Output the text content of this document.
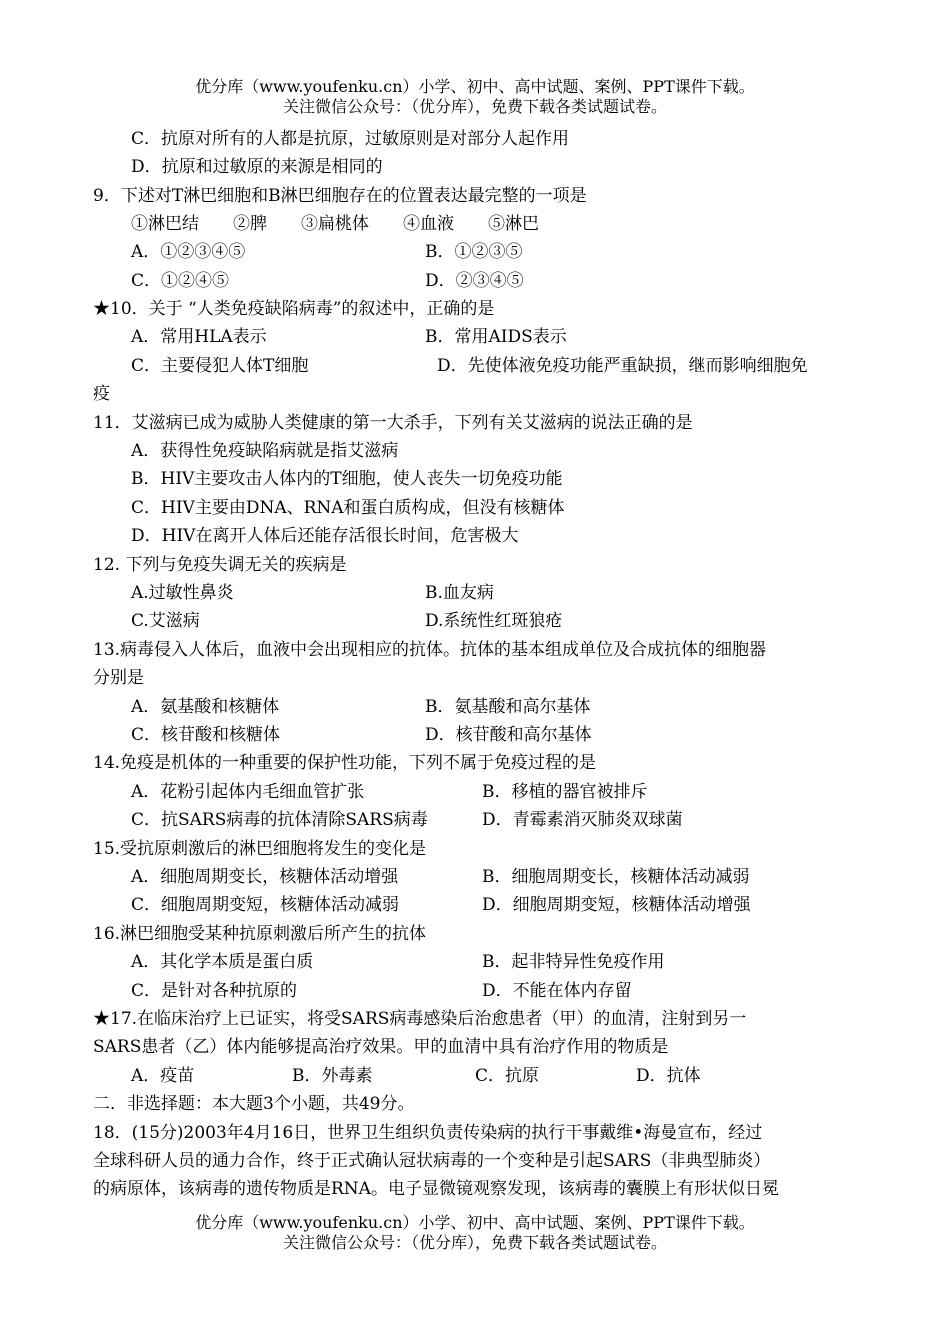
优分库（www.youfenku.cn）小学、初中、高中试题、案例、PPT课件下载。
关注微信公众号：（优分库），免费下载各类试题试卷。
C．抗原对所有的人都是抗原，过敏原则是对部分人起作用
D．抗原和过敏原的来源是相同的
9．下述对T淋巴细胞和B淋巴细胞存在的位置表达最完整的一项是
①淋巴结　　②脾　　③扁桃体　　④血液　　⑤淋巴
A．①②③④⑤	B．①②③⑤
C．①②④⑤	D．②③④⑤
★10．关于 “人类免疫缺陷病毒”的叙述中，正确的是
A．常用HLA表示	B．常用AIDS表示
C．主要侵犯人体T细胞	D．先使体液免疫功能严重缺损，继而影响细胞免
疫
11．艾滋病已成为威胁人类健康的第一大杀手，下列有关艾滋病的说法正确的是
A．获得性免疫缺陷病就是指艾滋病
B．HIV主要攻击人体内的T细胞，使人丧失一切免疫功能
C．HIV主要由DNA、RNA和蛋白质构成，但没有核糖体
D．HIV在离开人体后还能存活很长时间，危害极大
12. 下列与免疫失调无关的疾病是
A.过敏性鼻炎	B.血友病
C.艾滋病	D.系统性红斑狼疮
13.病毒侵入人体后，血液中会出现相应的抗体。抗体的基本组成单位及合成抗体的细胞器
分别是
A．氨基酸和核糖体	B．氨基酸和高尔基体
C．核苷酸和核糖体	D．核苷酸和高尔基体
14.免疫是机体的一种重要的保护性功能，下列不属于免疫过程的是
A．花粉引起体内毛细血管扩张	B．移植的器官被排斥
C．抗SARS病毒的抗体清除SARS病毒	D．青霉素消灭肺炎双球菌
15.受抗原刺激后的淋巴细胞将发生的变化是
A．细胞周期变长，核糖体活动增强	B．细胞周期变长，核糖体活动减弱
C．细胞周期变短，核糖体活动减弱	D．细胞周期变短，核糖体活动增强
16.淋巴细胞受某种抗原刺激后所产生的抗体
A．其化学本质是蛋白质	B．起非特异性免疫作用
C．是针对各种抗原的	D．不能在体内存留
★17.在临床治疗上已证实，将受SARS病毒感染后治愈患者（甲）的血清，注射到另一
SARS患者（乙）体内能够提高治疗效果。甲的血清中具有治疗作用的物质是
A．疫苗	B．外毒素	C．抗原	D．抗体
二．非选择题：本大题3个小题，共49分。
18．(15分)2003年4月16日，世界卫生组织负责传染病的执行干事戴维•海曼宣布，经过
全球科研人员的通力合作，终于正式确认冠状病毒的一个变种是引起SARS（非典型肺炎）
的病原体，该病毒的遗传物质是RNA。电子显微镜观察发现，该病毒的囊膜上有形状似日冕
优分库（www.youfenku.cn）小学、初中、高中试题、案例、PPT课件下载。
关注微信公众号：（优分库），免费下载各类试题试卷。
